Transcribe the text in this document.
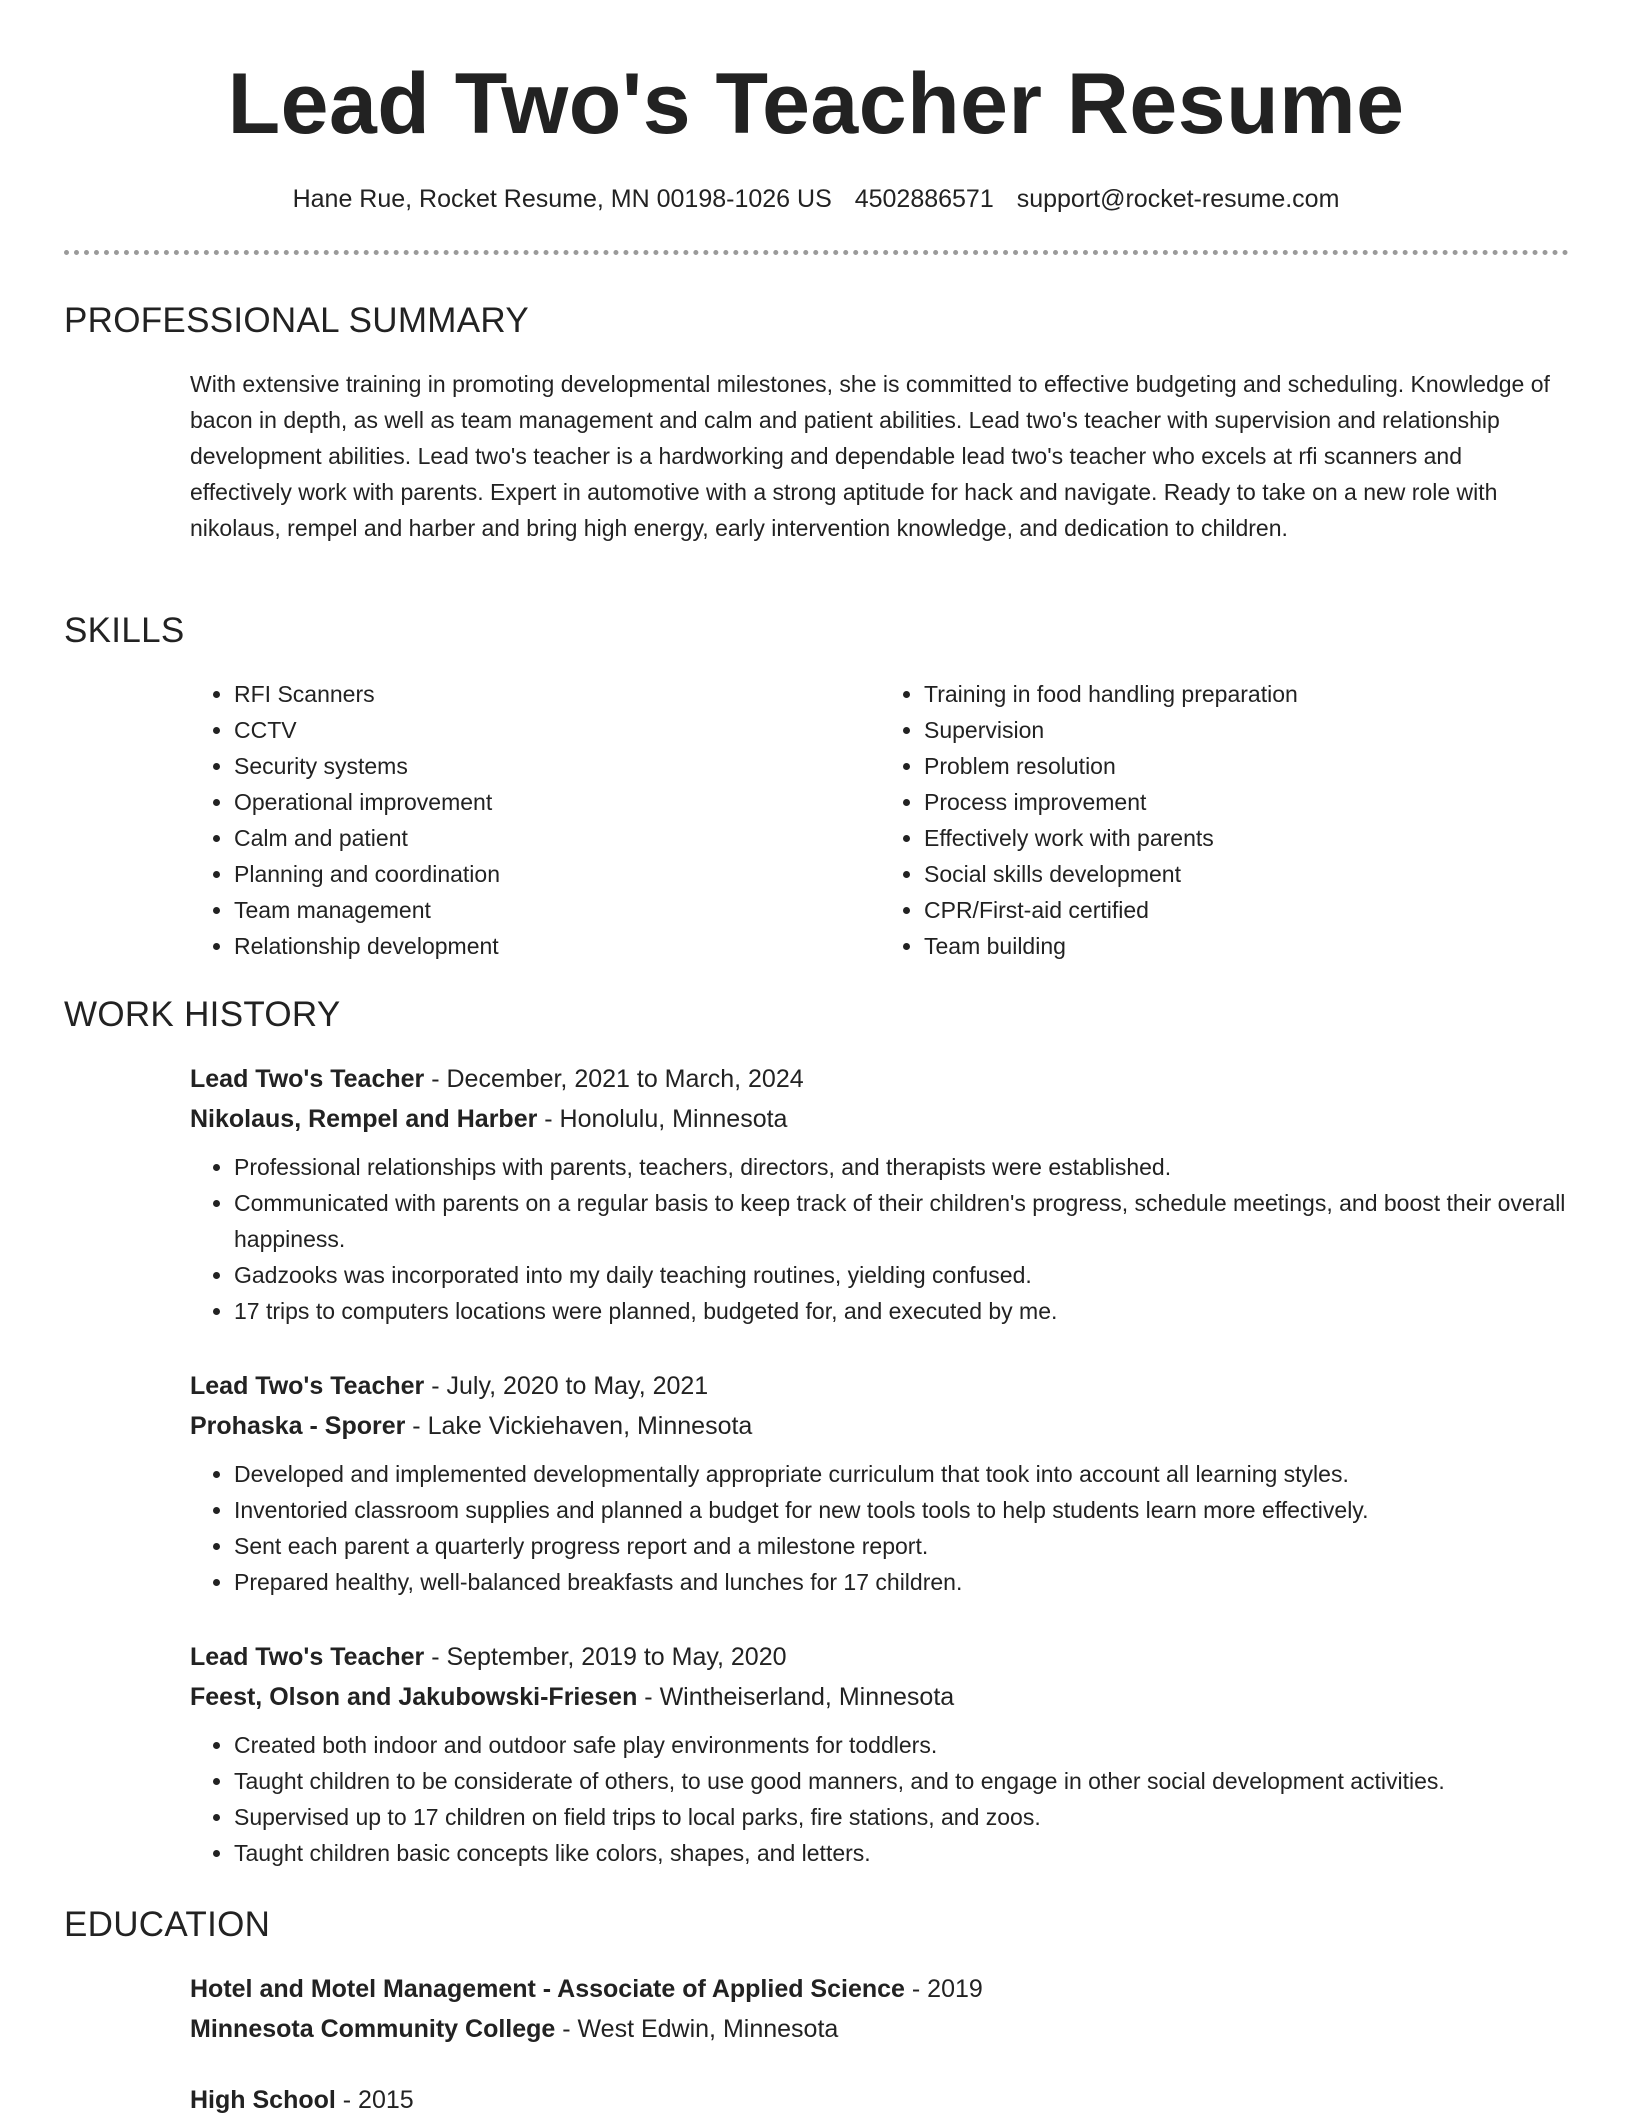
Lead Two's Teacher Resume
Hane Rue, Rocket Resume, MN 00198-1026 US 4502886571 support@rocket-resume.com
PROFESSIONAL SUMMARY

With extensive training in promoting developmental milestones, she is committed to effective budgeting and scheduling. Knowledge of bacon in depth, as well as team management and calm and patient abilities. Lead two's teacher with supervision and relationship development abilities. Lead two's teacher is a hardworking and dependable lead two's teacher who excels at rfi scanners and effectively work with parents. Expert in automotive with a strong aptitude for hack and navigate. Ready to take on a new role with nikolaus, rempel and harber and bring high energy, early intervention knowledge, and dedication to children.

SKILLS
• RFI Scanners
• CCTV
• Security systems
• Operational improvement
• Calm and patient
• Planning and coordination
• Team management
• Relationship development
• Training in food handling preparation
• Supervision
• Problem resolution
• Process improvement
• Effectively work with parents
• Social skills development
• CPR/First-aid certified
• Team building
WORK HISTORY

Lead Two's Teacher - December, 2021 to March, 2024

Nikolaus, Rempel and Harber - Honolulu, Minnesota

• Professional relationships with parents, teachers, directors, and therapists were established.
• Communicated with parents on a regular basis to keep track of their children's progress, schedule meetings, and boost their overall happiness.
• Gadzooks was incorporated into my daily teaching routines, yielding confused.
• 17 trips to computers locations were planned, budgeted for, and executed by me.

Lead Two's Teacher - July, 2020 to May, 2021

Prohaska - Sporer - Lake Vickiehaven, Minnesota

• Developed and implemented developmentally appropriate curriculum that took into account all learning styles.
• Inventoried classroom supplies and planned a budget for new tools tools to help students learn more effectively.
• Sent each parent a quarterly progress report and a milestone report.
• Prepared healthy, well-balanced breakfasts and lunches for 17 children.

Lead Two's Teacher - September, 2019 to May, 2020

Feest, Olson and Jakubowski-Friesen - Wintheiserland, Minnesota

• Created both indoor and outdoor safe play environments for toddlers.
• Taught children to be considerate of others, to use good manners, and to engage in other social development activities.
• Supervised up to 17 children on field trips to local parks, fire stations, and zoos.
• Taught children basic concepts like colors, shapes, and letters.
EDUCATION

Hotel and Motel Management - Associate of Applied Science - 2019

Minnesota Community College - West Edwin, Minnesota

High School - 2015
